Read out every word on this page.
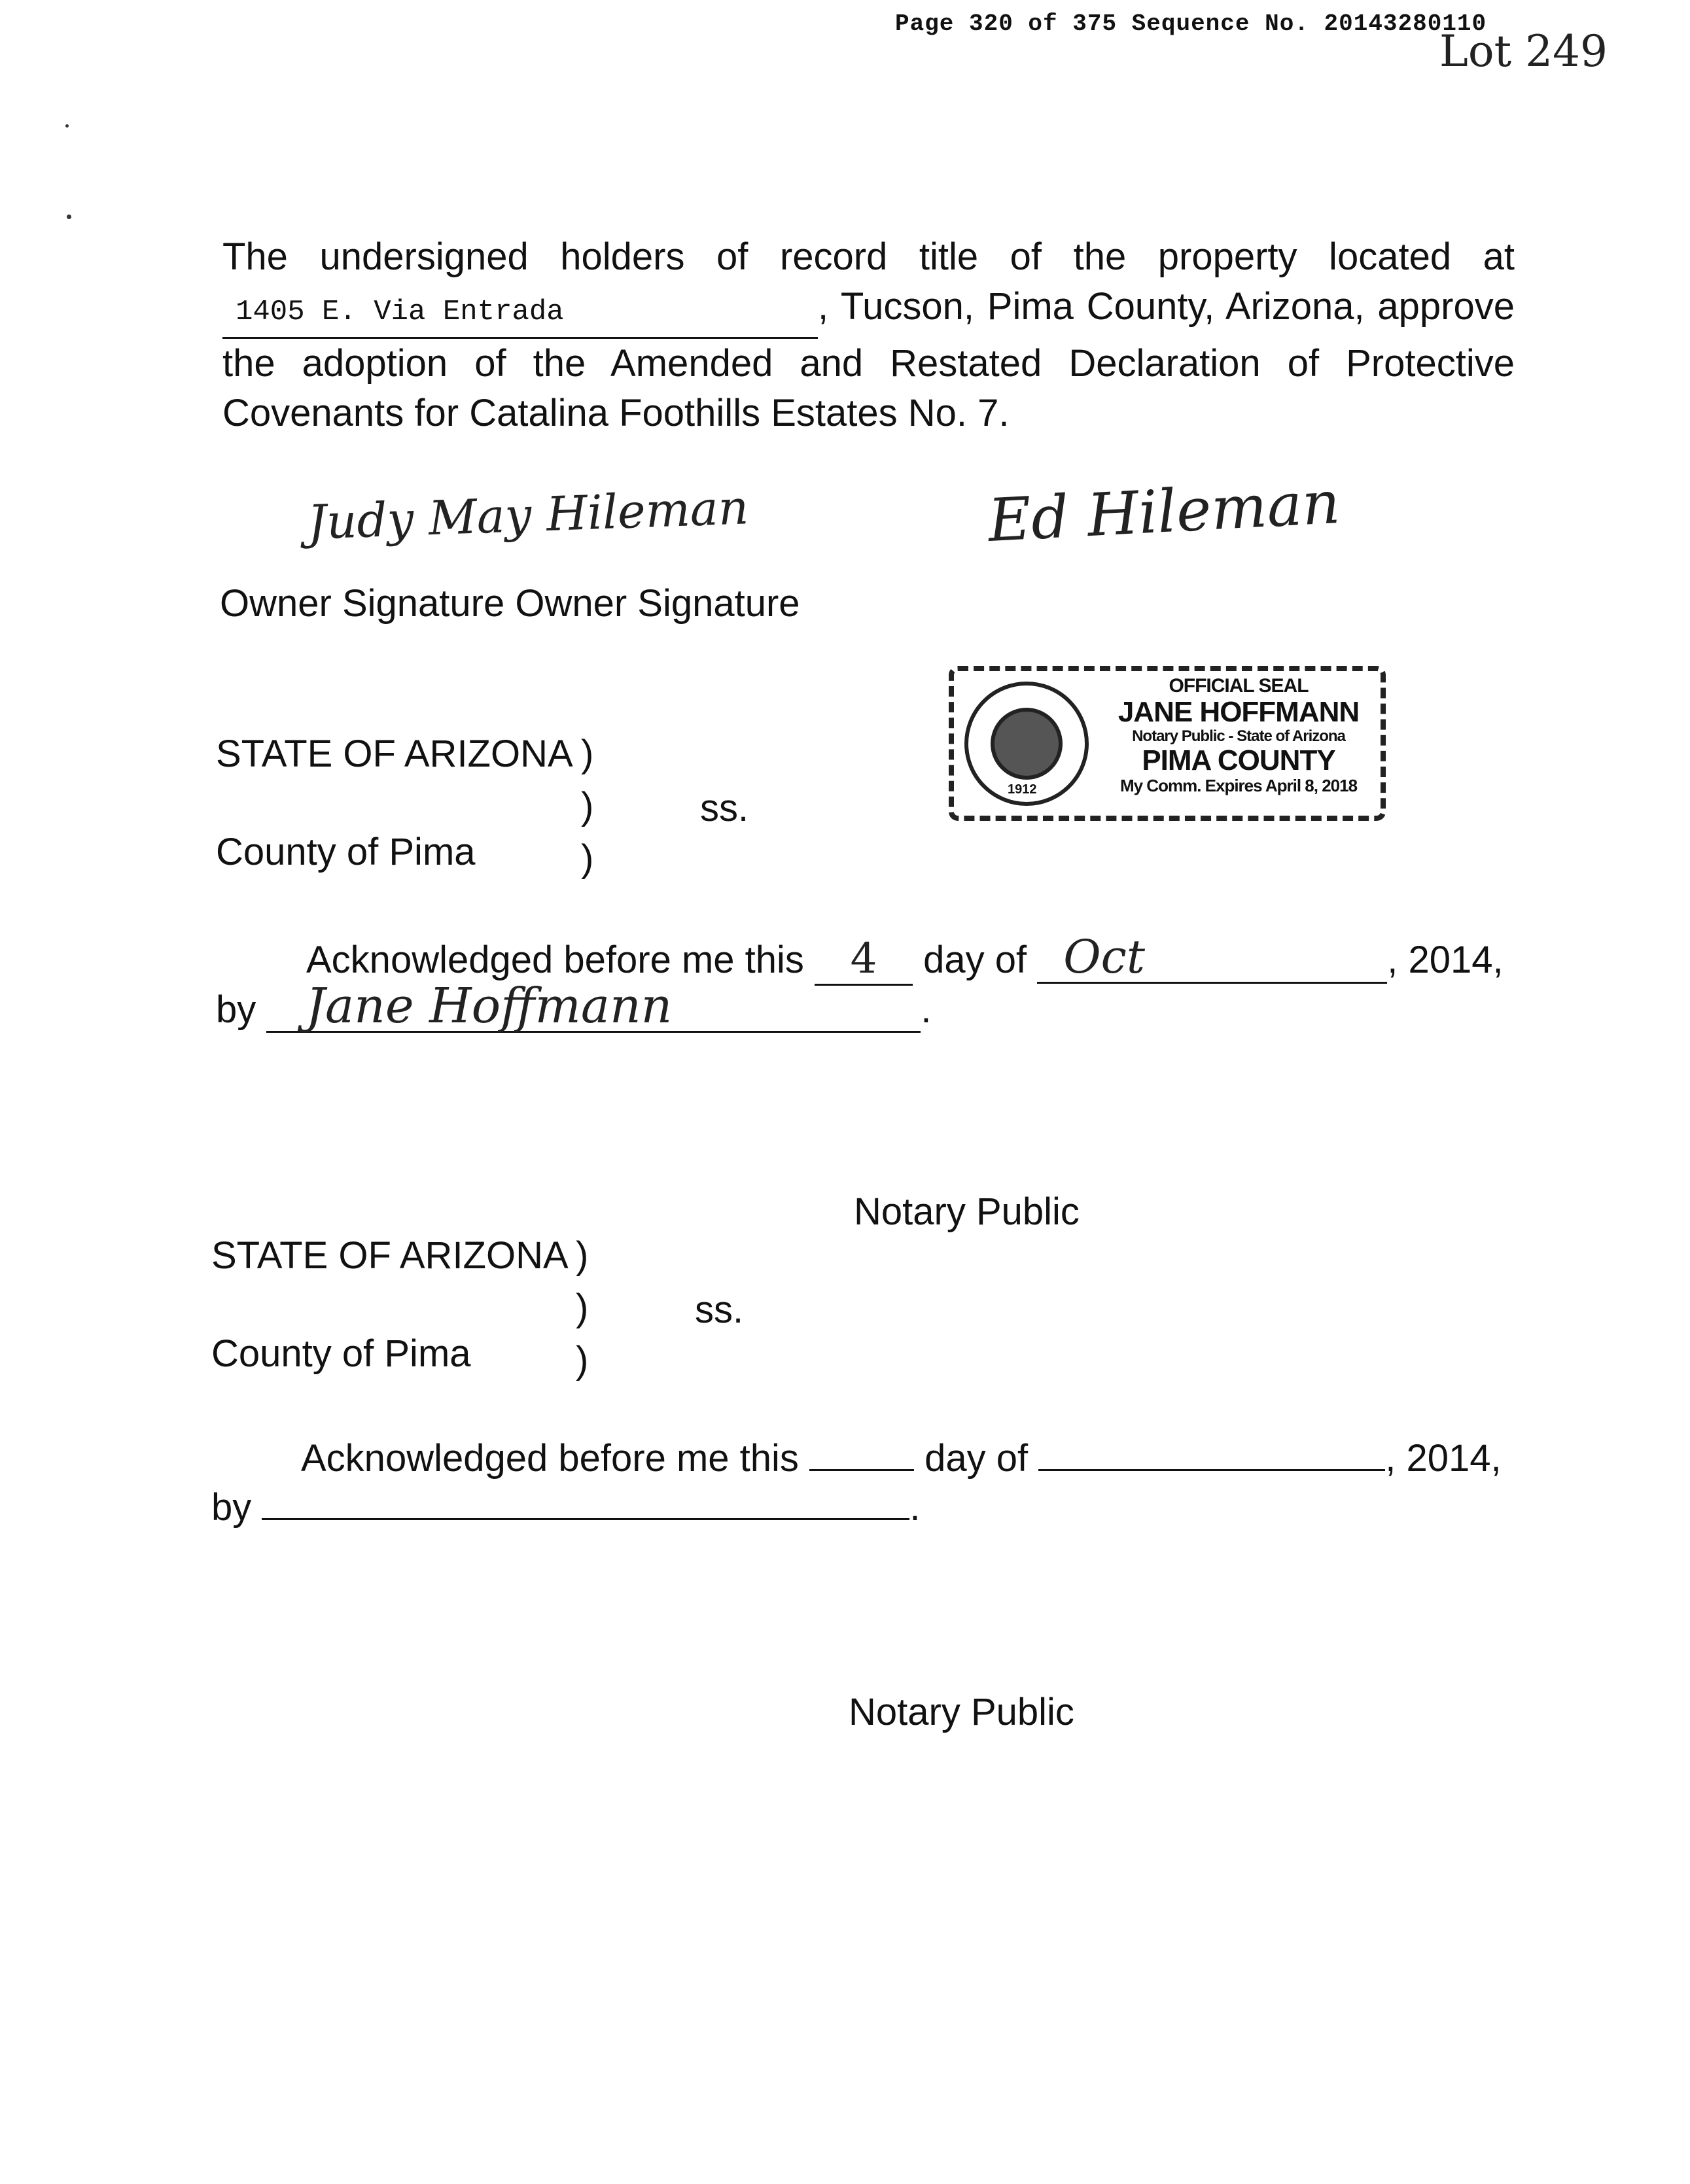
Page 320 of 375 Sequence No. 20143280110
Lot 249
The undersigned holders of record title of the property located at
1405 E. Via Entrada	, Tucson, Pima County, Arizona, approve
the adoption of the Amended and Restated Declaration of Protective
Covenants for Catalina Foothills Estates No. 7.
Judy May Hileman	Ed Hileman
Owner Signature Owner Signature
1912
OFFICIAL SEAL
JANE HOFFMANN
Notary Public - State of Arizona
PIMA COUNTY
My Comm. Expires April 8, 2018
STATE OF ARIZONA )
)	ss.
County of Pima	)
Acknowledged before me this 4 day of Oct	, 2014,
by Jane Hoffmann	.
Notary Public
STATE OF ARIZONA )
)	ss.
County of Pima	)
Acknowledged before me this	day of	, 2014,
by	.
Notary Public
